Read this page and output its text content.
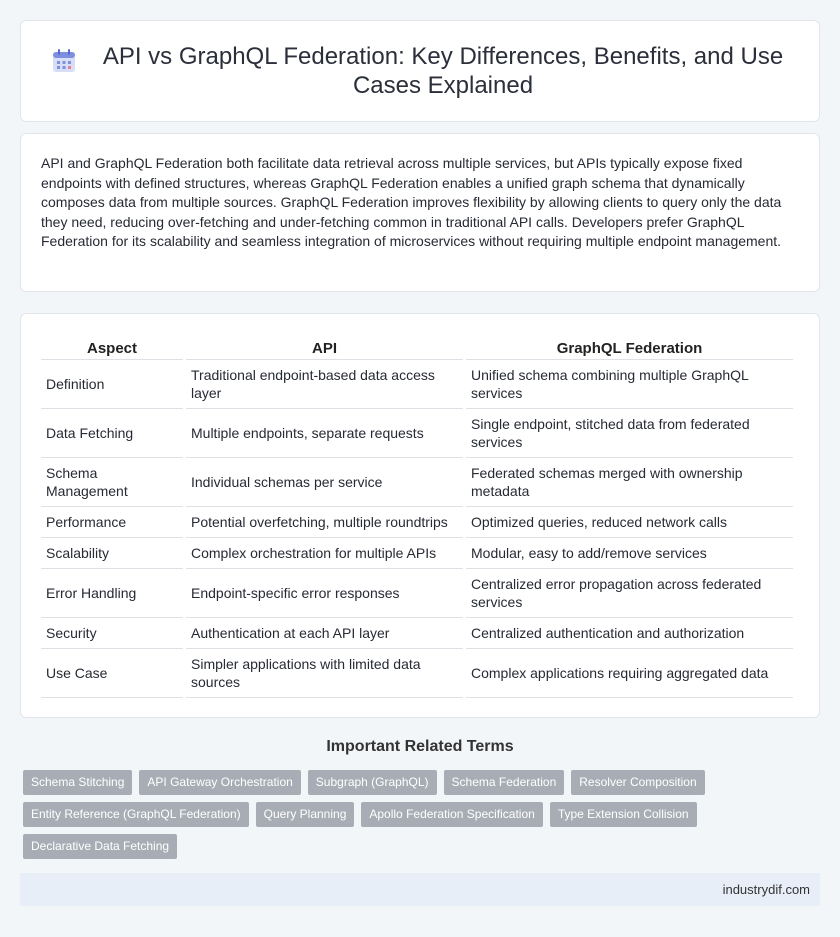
API vs GraphQL Federation: Key Differences, Benefits, and Use Cases Explained

API and GraphQL Federation both facilitate data retrieval across multiple services, but APIs typically expose fixed endpoints with defined structures, whereas GraphQL Federation enables a unified graph schema that dynamically composes data from multiple sources. GraphQL Federation improves flexibility by allowing clients to query only the data they need, reducing over-fetching and under-fetching common in traditional API calls. Developers prefer GraphQL Federation for its scalability and seamless integration of microservices without requiring multiple endpoint management.

Aspect	API	GraphQL Federation
Definition	Traditional endpoint-based data access layer	Unified schema combining multiple GraphQL services
Data Fetching	Multiple endpoints, separate requests	Single endpoint, stitched data from federated services
Schema Management	Individual schemas per service	Federated schemas merged with ownership metadata
Performance	Potential overfetching, multiple roundtrips	Optimized queries, reduced network calls
Scalability	Complex orchestration for multiple APIs	Modular, easy to add/remove services
Error Handling	Endpoint-specific error responses	Centralized error propagation across federated services
Security	Authentication at each API layer	Centralized authentication and authorization
Use Case	Simpler applications with limited data sources	Complex applications requiring aggregated data
Important Related Terms
Schema Stitching	API Gateway Orchestration	Subgraph (GraphQL)	Schema Federation	Resolver Composition
Entity Reference (GraphQL Federation)	Query Planning	Apollo Federation Specification	Type Extension Collision
Declarative Data Fetching
industrydif.com
